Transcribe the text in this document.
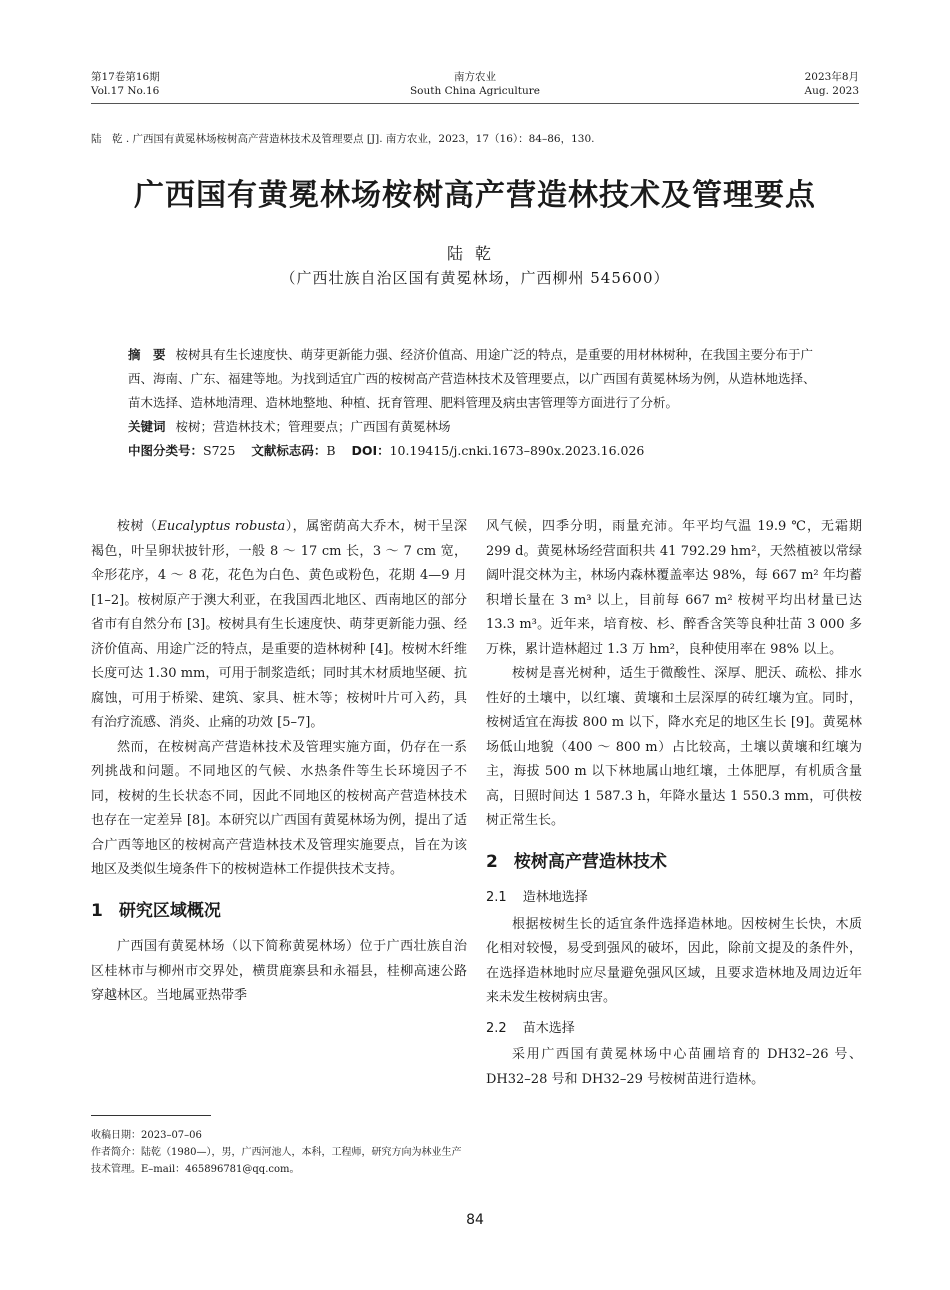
第17卷第16期
Vol.17 No.16
南方农业
South China Agriculture
2023年8月
Aug. 2023
陆　乾 . 广西国有黄冕林场桉树高产营造林技术及管理要点 [J]. 南方农业，2023，17（16）：84–86，130.
广西国有黄冕林场桉树高产营造林技术及管理要点
陆乾
（广西壮族自治区国有黄冕林场，广西柳州 545600）

摘　要 桉树具有生长速度快、萌芽更新能力强、经济价值高、用途广泛的特点，是重要的用材林树种，在我国主要分布于广西、海南、广东、福建等地。为找到适宜广西的桉树高产营造林技术及管理要点，以广西国有黄冕林场为例，从造林地选择、苗木选择、造林地清理、造林地整地、种植、抚育管理、肥料管理及病虫害管理等方面进行了分析。

关键词 桉树；营造林技术；管理要点；广西国有黄冕林场

中图分类号：S725 文献标志码：B DOI：10.19415/j.cnki.1673–890x.2023.16.026

桉树（Eucalyptus robusta），属密荫高大乔木，树干呈深褐色，叶呈卵状披针形，一般 8 ～ 17 cm 长，3 ～ 7 cm 宽，伞形花序，4 ～ 8 花，花色为白色、黄色或粉色，花期 4—9 月 [1–2]。桉树原产于澳大利亚，在我国西北地区、西南地区的部分省市有自然分布 [3]。桉树具有生长速度快、萌芽更新能力强、经济价值高、用途广泛的特点，是重要的造林树种 [4]。桉树木纤维长度可达 1.30 mm，可用于制浆造纸；同时其木材质地坚硬、抗腐蚀，可用于桥梁、建筑、家具、桩木等；桉树叶片可入药，具有治疗流感、消炎、止痛的功效 [5–7]。

然而，在桉树高产营造林技术及管理实施方面，仍存在一系列挑战和问题。不同地区的气候、水热条件等生长环境因子不同，桉树的生长状态不同，因此不同地区的桉树高产营造林技术也存在一定差异 [8]。本研究以广西国有黄冕林场为例，提出了适合广西等地区的桉树高产营造林技术及管理实施要点，旨在为该地区及类似生境条件下的桉树造林工作提供技术支持。

1 研究区域概况

广西国有黄冕林场（以下简称黄冕林场）位于广西壮族自治区桂林市与柳州市交界处，横贯鹿寨县和永福县，桂柳高速公路穿越林区。当地属亚热带季

风气候，四季分明，雨量充沛。年平均气温 19.9 ℃，无霜期 299 d。黄冕林场经营面积共 41 792.29 hm²，天然植被以常绿阔叶混交林为主，林场内森林覆盖率达 98%，每 667 m² 年均蓄积增长量在 3 m³ 以上，目前每 667 m² 桉树平均出材量已达 13.3 m³。近年来，培育桉、杉、醉香含笑等良种壮苗 3 000 多万株，累计造林超过 1.3 万 hm²，良种使用率在 98% 以上。

桉树是喜光树种，适生于微酸性、深厚、肥沃、疏松、排水性好的土壤中，以红壤、黄壤和土层深厚的砖红壤为宜。同时，桉树适宜在海拔 800 m 以下，降水充足的地区生长 [9]。黄冕林场低山地貌（400 ～ 800 m）占比较高，土壤以黄壤和红壤为主，海拔 500 m 以下林地属山地红壤，土体肥厚，有机质含量高，日照时间达 1 587.3 h，年降水量达 1 550.3 mm，可供桉树正常生长。

2 桉树高产营造林技术
2.1 造林地选择

根据桉树生长的适宜条件选择造林地。因桉树生长快，木质化相对较慢，易受到强风的破坏，因此，除前文提及的条件外，在选择造林地时应尽量避免强风区域，且要求造林地及周边近年来未发生桉树病虫害。

2.2 苗木选择

采用广西国有黄冕林场中心苗圃培育的 DH32–26 号、DH32–28 号和 DH32–29 号桉树苗进行造林。

收稿日期：2023–07–06

作者简介：陆乾（1980—），男，广西河池人，本科，工程师，研究方向为林业生产技术管理。E–mail：465896781@qq.com。

84
